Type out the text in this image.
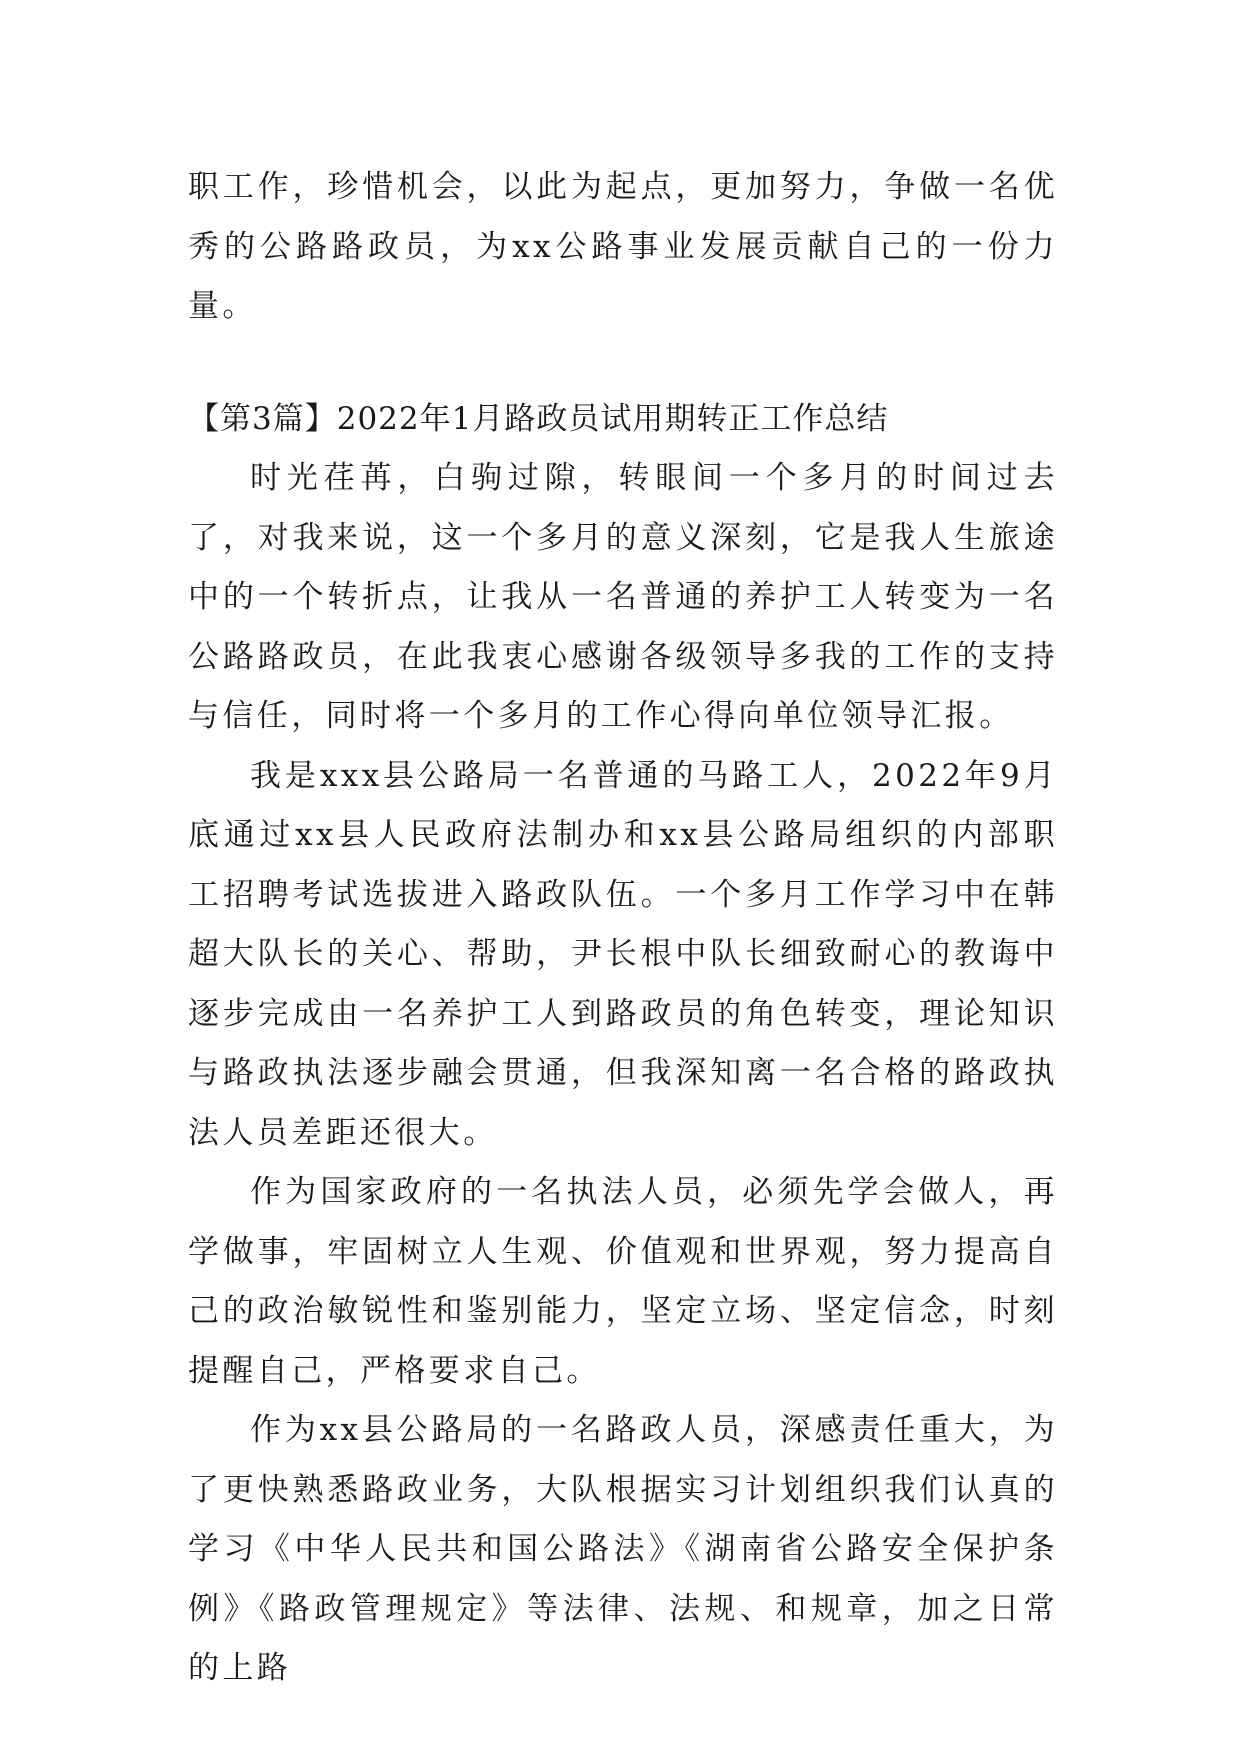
职工作，珍惜机会，以此为起点，更加努力，争做一名优秀的公路路政员，为xx公路事业发展贡献自己的一份力量。

【第3篇】2022年1月路政员试用期转正工作总结

时光荏苒，白驹过隙，转眼间一个多月的时间过去了，对我来说，这一个多月的意义深刻，它是我人生旅途中的一个转折点，让我从一名普通的养护工人转变为一名公路路政员，在此我衷心感谢各级领导多我的工作的支持与信任，同时将一个多月的工作心得向单位领导汇报。

我是xxx县公路局一名普通的马路工人，2022年9月底通过xx县人民政府法制办和xx县公路局组织的内部职工招聘考试选拔进入路政队伍。一个多月工作学习中在韩超大队长的关心、帮助，尹长根中队长细致耐心的教诲中逐步完成由一名养护工人到路政员的角色转变，理论知识与路政执法逐步融会贯通，但我深知离一名合格的路政执法人员差距还很大。

作为国家政府的一名执法人员，必须先学会做人，再学做事，牢固树立人生观、价值观和世界观，努力提高自己的政治敏锐性和鉴别能力，坚定立场、坚定信念，时刻提醒自己，严格要求自己。

作为xx县公路局的一名路政人员，深感责任重大，为了更快熟悉路政业务，大队根据实习计划组织我们认真的学习《中华人民共和国公路法》《湖南省公路安全保护条例》《路政管理规定》等法律、法规、和规章，加之日常的上路
